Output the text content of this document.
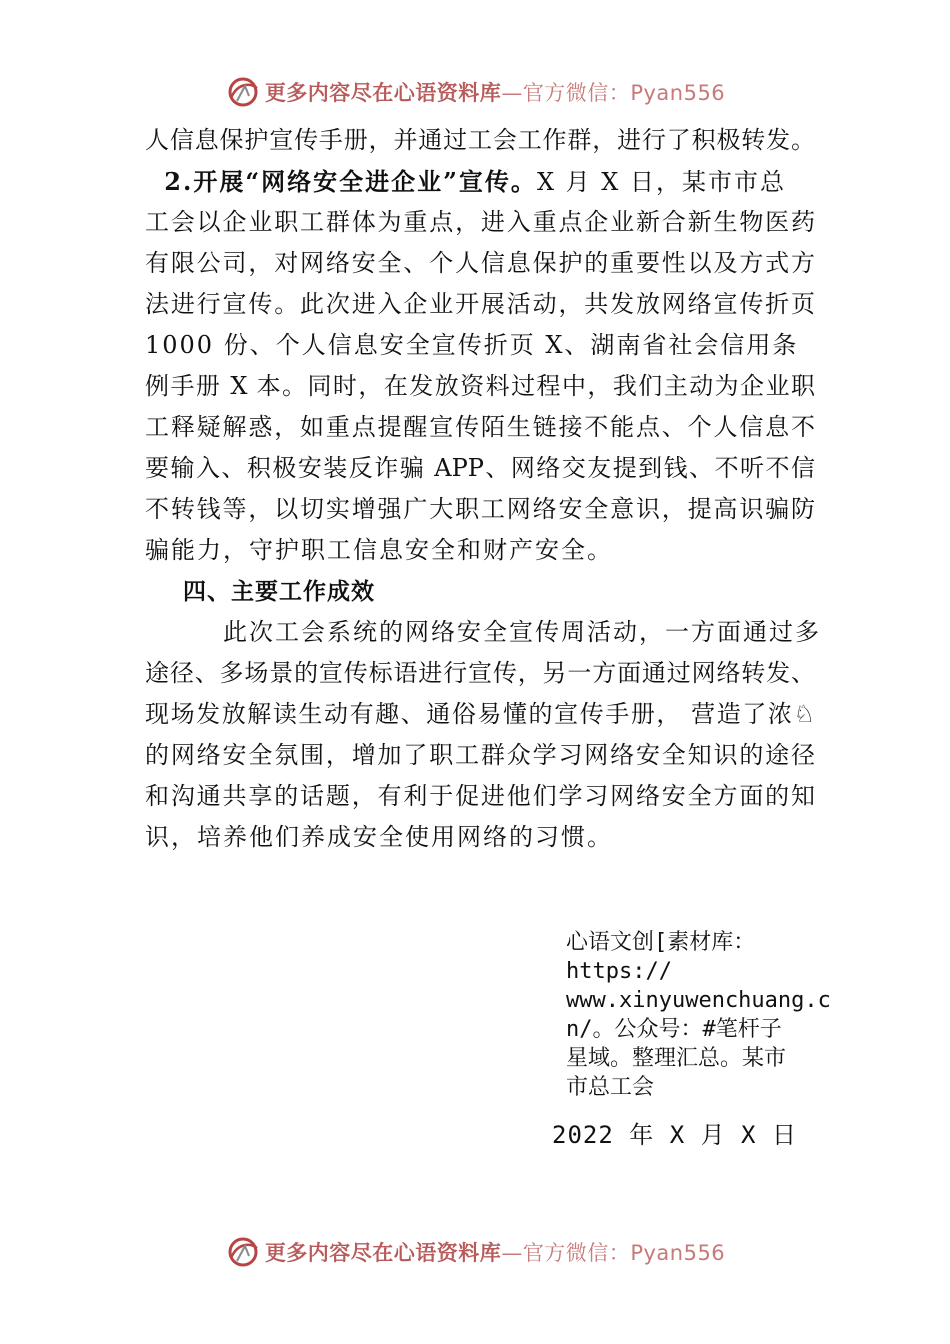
更多内容尽在心语资料库—官方微信：Pyan556
人信息保护宣传手册，并通过工会工作群，进行了积极转发。
2.开展“网络安全进企业”宣传。X 月 X 日，某市市总
工会以企业职工群体为重点，进入重点企业新合新生物医药
有限公司，对网络安全、个人信息保护的重要性以及方式方
法进行宣传。此次进入企业开展活动，共发放网络宣传折页
1000 份、个人信息安全宣传折页 X、湖南省社会信用条
例手册 X 本。同时，在发放资料过程中，我们主动为企业职
工释疑解惑，如重点提醒宣传陌生链接不能点、个人信息不
要输入、积极安装反诈骗 APP、网络交友提到钱、不听不信
不转钱等，以切实增强广大职工网络安全意识，提高识骗防
骗能力，守护职工信息安全和财产安全。
四、主要工作成效
此次工会系统的网络安全宣传周活动，一方面通过多
途径、多场景的宣传标语进行宣传，另一方面通过网络转发、
现场发放解读生动有趣、通俗易懂的宣传手册， 营造了浓♘
的网络安全氛围，增加了职工群众学习网络安全知识的途径
和沟通共享的话题，有利于促进他们学习网络安全方面的知
识，培养他们养成安全使用网络的习惯。
心语文创[素材库：
https://
www.xinyuwenchuang.c
n/。公众号：#笔杆子
星域。整理汇总。某市
市总工会
2022 年 X 月 X 日
更多内容尽在心语资料库—官方微信：Pyan556
